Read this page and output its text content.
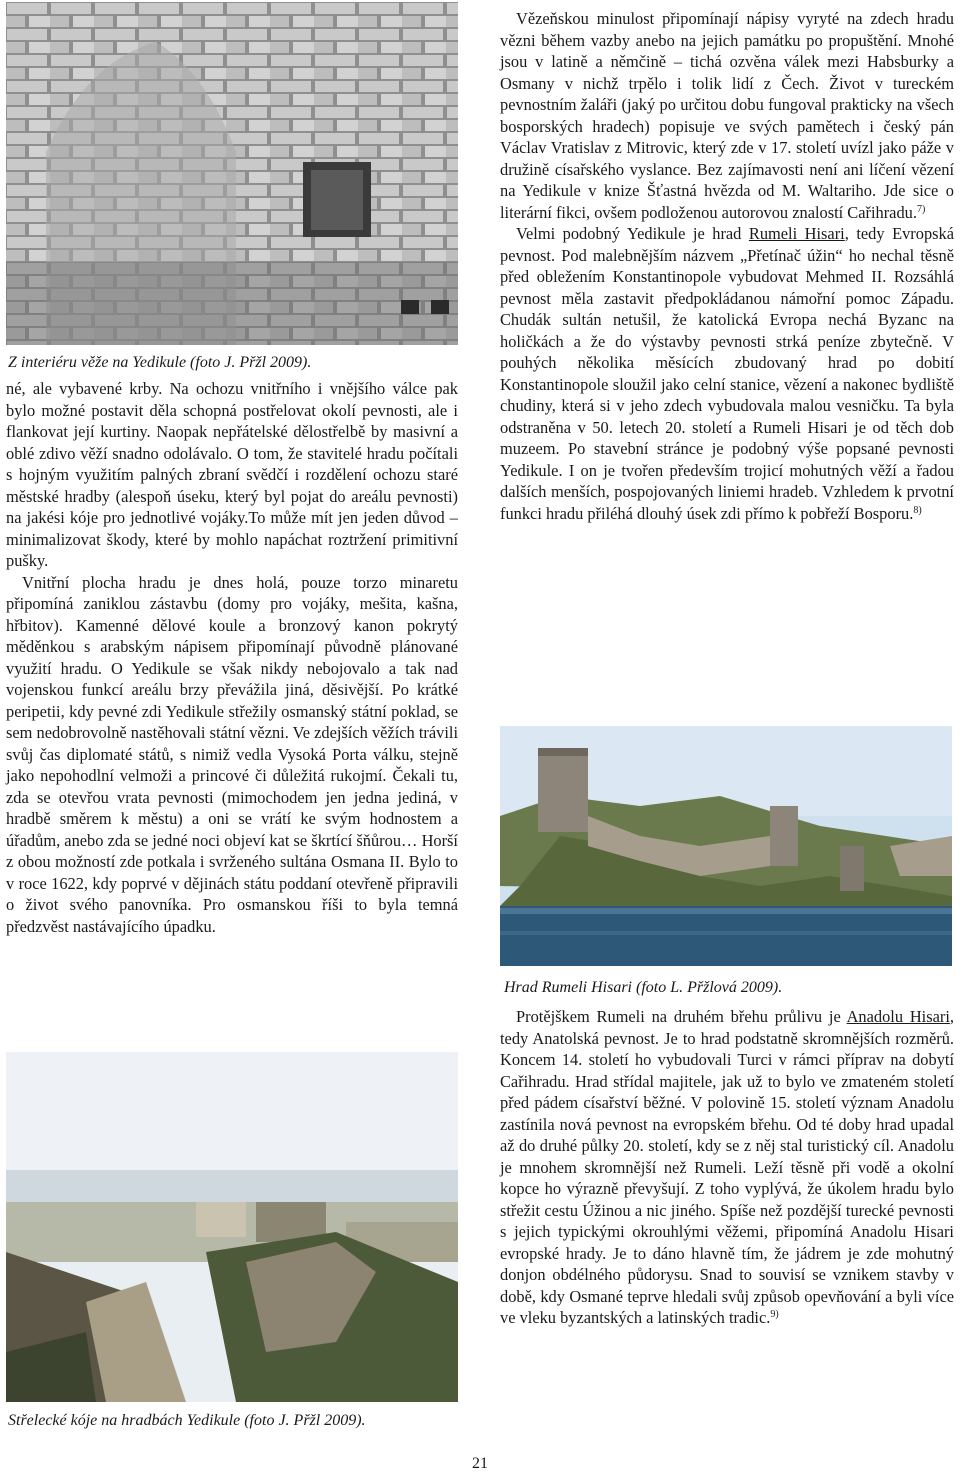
Z interiéru věže na Yedikule (foto J. Přžl 2009).

né, ale vybavené krby. Na ochozu vnitřního i vnějšího válce pak bylo možné postavit děla schopná postřelovat okolí pevnosti, ale i flankovat její kurtiny. Naopak nepřátelské dělostřelbě by masivní a oblé zdivo věží snadno odolávalo. O tom, že stavitelé hradu počítali s hojným využitím palných zbraní svědčí i rozdělení ochozu staré městské hradby (alespoň úseku, který byl pojat do areálu pevnosti) na jakési kóje pro jednotlivé vojáky.To může mít jen jeden důvod – minimalizovat škody, které by mohlo napáchat roztržení primitivní pušky.

Vnitřní plocha hradu je dnes holá, pouze torzo minaretu připomíná zaniklou zástavbu (domy pro vojáky, mešita, kašna, hřbitov). Kamenné dělové koule a bronzový kanon pokrytý měděnkou s arabským nápisem připomínají původně plánované využití hradu. O Yedikule se však nikdy nebojovalo a tak nad vojenskou funkcí areálu brzy převážila jiná, děsivější. Po krátké peripetii, kdy pevné zdi Yedikule střežily osmanský státní poklad, se sem nedobrovolně nastěhovali státní vězni. Ve zdejších věžích trávili svůj čas diplomaté států, s nimiž vedla Vysoká Porta válku, stejně jako nepohodlní velmoži a princové či důležitá rukojmí. Čekali tu, zda se otevřou vrata pevnosti (mimochodem jen jedna jediná, v hradbě směrem k městu) a oni se vrátí ke svým hodnostem a úřadům, anebo zda se jedné noci objeví kat se škrtící šňůrou… Horší z obou možností zde potkala i svrženého sultána Osmana II. Bylo to v roce 1622, kdy poprvé v dějinách státu poddaní otevřeně připravili o život svého panovníka. Pro osmanskou říši to byla temná předzvěst nastávajícího úpadku.

Střelecké kóje na hradbách Yedikule (foto J. Přžl 2009).

Vězeňskou minulost připomínají nápisy vyryté na zdech hradu vězni během vazby anebo na jejich památku po propuštění. Mnohé jsou v latině a němčině – tichá ozvěna válek mezi Habsburky a Osmany v nichž trpělo i tolik lidí z Čech. Život v tureckém pevnostním žaláři (jaký po určitou dobu fungoval prakticky na všech bosporských hradech) popisuje ve svých pamětech i český pán Václav Vratislav z Mitrovic, který zde v 17. století uvízl jako páže v družině císařského vyslance. Bez zajímavosti není ani líčení vězení na Yedikule v knize Šťastná hvězda od M. Waltariho. Jde sice o literární fikci, ovšem podloženou autorovou znalostí Cařihradu.$^{7)}$

Velmi podobný Yedikule je hrad Rumeli Hisari, tedy Evropská pevnost. Pod malebnějším názvem „Přetínač úžin“ ho nechal těsně před obležením Konstantinopole vybudovat Mehmed II. Rozsáhlá pevnost měla zastavit předpokládanou námořní pomoc Západu. Chudák sultán netušil, že katolická Evropa nechá Byzanc na holičkách a že do výstavby pevnosti strká peníze zbytečně. V pouhých několika měsících zbudovaný hrad po dobití Konstantinopole sloužil jako celní stanice, vězení a nakonec bydliště chudiny, která si v jeho zdech vybudovala malou vesničku. Ta byla odstraněna v 50. letech 20. století a Rumeli Hisari je od těch dob muzeem. Po stavební stránce je podobný výše popsané pevnosti Yedikule. I on je tvořen především trojicí mohutných věží a řadou dalších menších, pospojovaných liniemi hradeb. Vzhledem k prvotní funkci hradu přiléhá dlouhý úsek zdi přímo k pobřeží Bosporu.$^{8)}$

Hrad Rumeli Hisari (foto L. Přžlová 2009).

Protějškem Rumeli na druhém břehu průlivu je Anadolu Hisari, tedy Anatolská pevnost. Je to hrad podstatně skromnějších rozměrů. Koncem 14. století ho vybudovali Turci v rámci příprav na dobytí Cařihradu. Hrad střídal majitele, jak už to bylo ve zmateném století před pádem císařství běžné. V polovině 15. století význam Anadolu zastínila nová pevnost na evropském břehu. Od té doby hrad upadal až do druhé půlky 20. století, kdy se z něj stal turistický cíl. Anadolu je mnohem skromnější než Rumeli. Leží těsně při vodě a okolní kopce ho výrazně převyšují. Z toho vyplývá, že úkolem hradu bylo střežit cestu Úžinou a nic jiného. Spíše než pozdější turecké pevnosti s jejich typickými okrouhlými věžemi, připomíná Anadolu Hisari evropské hrady. Je to dáno hlavně tím, že jádrem je zde mohutný donjon obdélného půdorysu. Snad to souvisí se vznikem stavby v době, kdy Osmané teprve hledali svůj způsob opevňování a byli více ve vleku byzantských a latinských tradic.$^{9)}$

21
